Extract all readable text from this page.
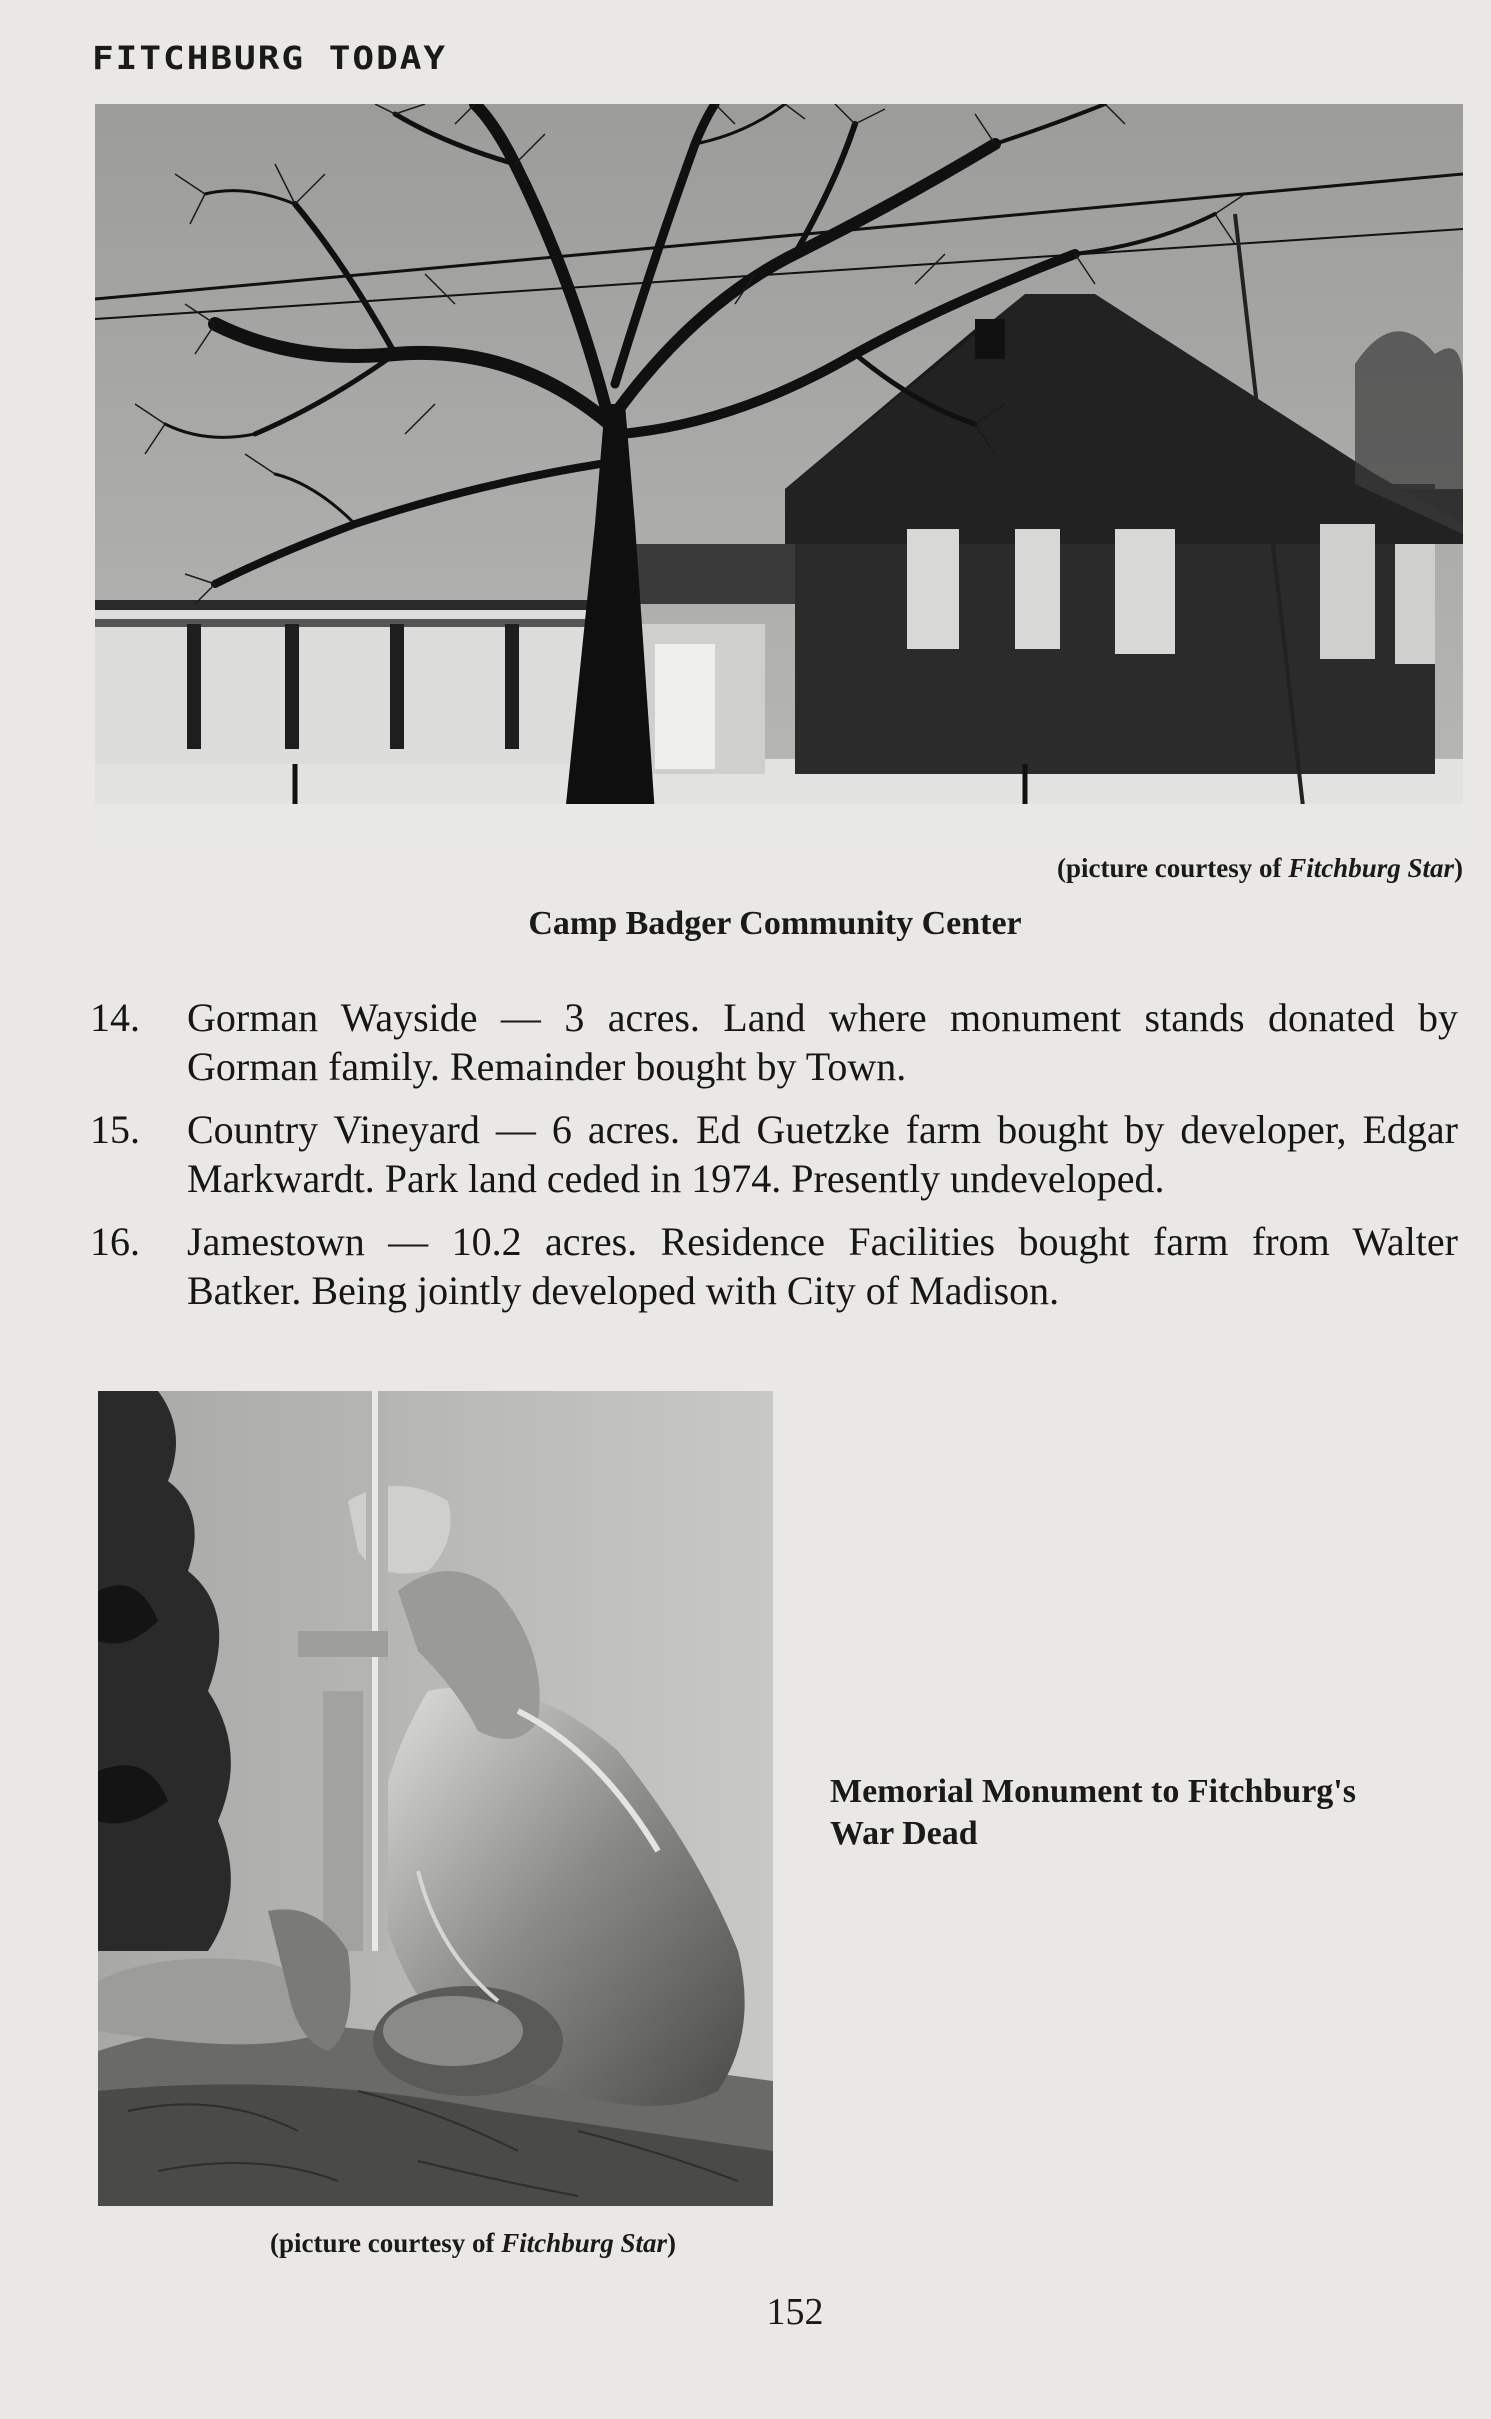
FITCHBURG TODAY
(picture courtesy of Fitchburg Star)
Camp Badger Community Center
14. Gorman Wayside — 3 acres. Land where monument stands donated by Gorman family. Remainder bought by Town.
15. Country Vineyard — 6 acres. Ed Guetzke farm bought by developer, Edgar Markwardt. Park land ceded in 1974. Presently undeveloped.
16. Jamestown — 10.2 acres. Residence Facilities bought farm from Walter Batker. Being jointly developed with City of Madison.
Memorial Monument to Fitchburg's
War Dead
(picture courtesy of Fitchburg Star)
152
